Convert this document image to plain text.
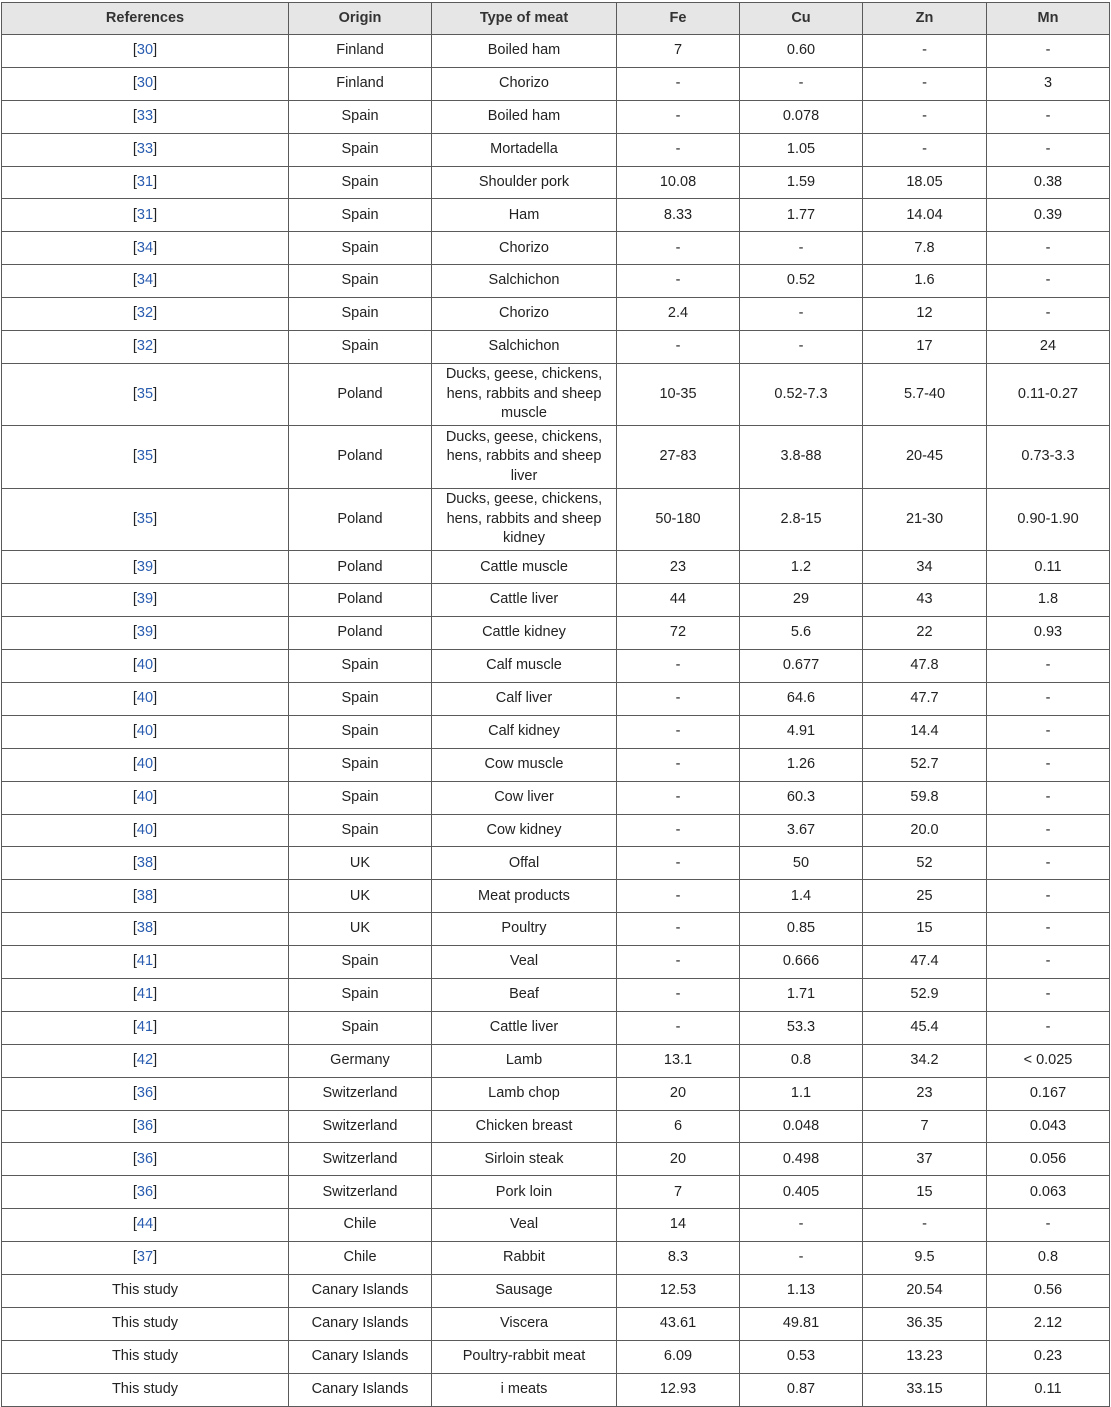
References	Origin	Type of meat	Fe	Cu	Zn	Mn
[30]	Finland	Boiled ham	7	0.60	-	-
[30]	Finland	Chorizo	-	-	-	3
[33]	Spain	Boiled ham	-	0.078	-	-
[33]	Spain	Mortadella	-	1.05	-	-
[31]	Spain	Shoulder pork	10.08	1.59	18.05	0.38
[31]	Spain	Ham	8.33	1.77	14.04	0.39
[34]	Spain	Chorizo	-	-	7.8	-
[34]	Spain	Salchichon	-	0.52	1.6	-
[32]	Spain	Chorizo	2.4	-	12	-
[32]	Spain	Salchichon	-	-	17	24
[35]	Poland	Ducks, geese, chickens, hens, rabbits and sheep muscle	10-35	0.52-7.3	5.7-40	0.11-0.27
[35]	Poland	Ducks, geese, chickens, hens, rabbits and sheep liver	27-83	3.8-88	20-45	0.73-3.3
[35]	Poland	Ducks, geese, chickens, hens, rabbits and sheep kidney	50-180	2.8-15	21-30	0.90-1.90
[39]	Poland	Cattle muscle	23	1.2	34	0.11
[39]	Poland	Cattle liver	44	29	43	1.8
[39]	Poland	Cattle kidney	72	5.6	22	0.93
[40]	Spain	Calf muscle	-	0.677	47.8	-
[40]	Spain	Calf liver	-	64.6	47.7	-
[40]	Spain	Calf kidney	-	4.91	14.4	-
[40]	Spain	Cow muscle	-	1.26	52.7	-
[40]	Spain	Cow liver	-	60.3	59.8	-
[40]	Spain	Cow kidney	-	3.67	20.0	-
[38]	UK	Offal	-	50	52	-
[38]	UK	Meat products	-	1.4	25	-
[38]	UK	Poultry	-	0.85	15	-
[41]	Spain	Veal	-	0.666	47.4	-
[41]	Spain	Beaf	-	1.71	52.9	-
[41]	Spain	Cattle liver	-	53.3	45.4	-
[42]	Germany	Lamb	13.1	0.8	34.2	< 0.025
[36]	Switzerland	Lamb chop	20	1.1	23	0.167
[36]	Switzerland	Chicken breast	6	0.048	7	0.043
[36]	Switzerland	Sirloin steak	20	0.498	37	0.056
[36]	Switzerland	Pork loin	7	0.405	15	0.063
[44]	Chile	Veal	14	-	-	-
[37]	Chile	Rabbit	8.3	-	9.5	0.8
This study	Canary Islands	Sausage	12.53	1.13	20.54	0.56
This study	Canary Islands	Viscera	43.61	49.81	36.35	2.12
This study	Canary Islands	Poultry-rabbit meat	6.09	0.53	13.23	0.23
This study	Canary Islands	i meats	12.93	0.87	33.15	0.11
